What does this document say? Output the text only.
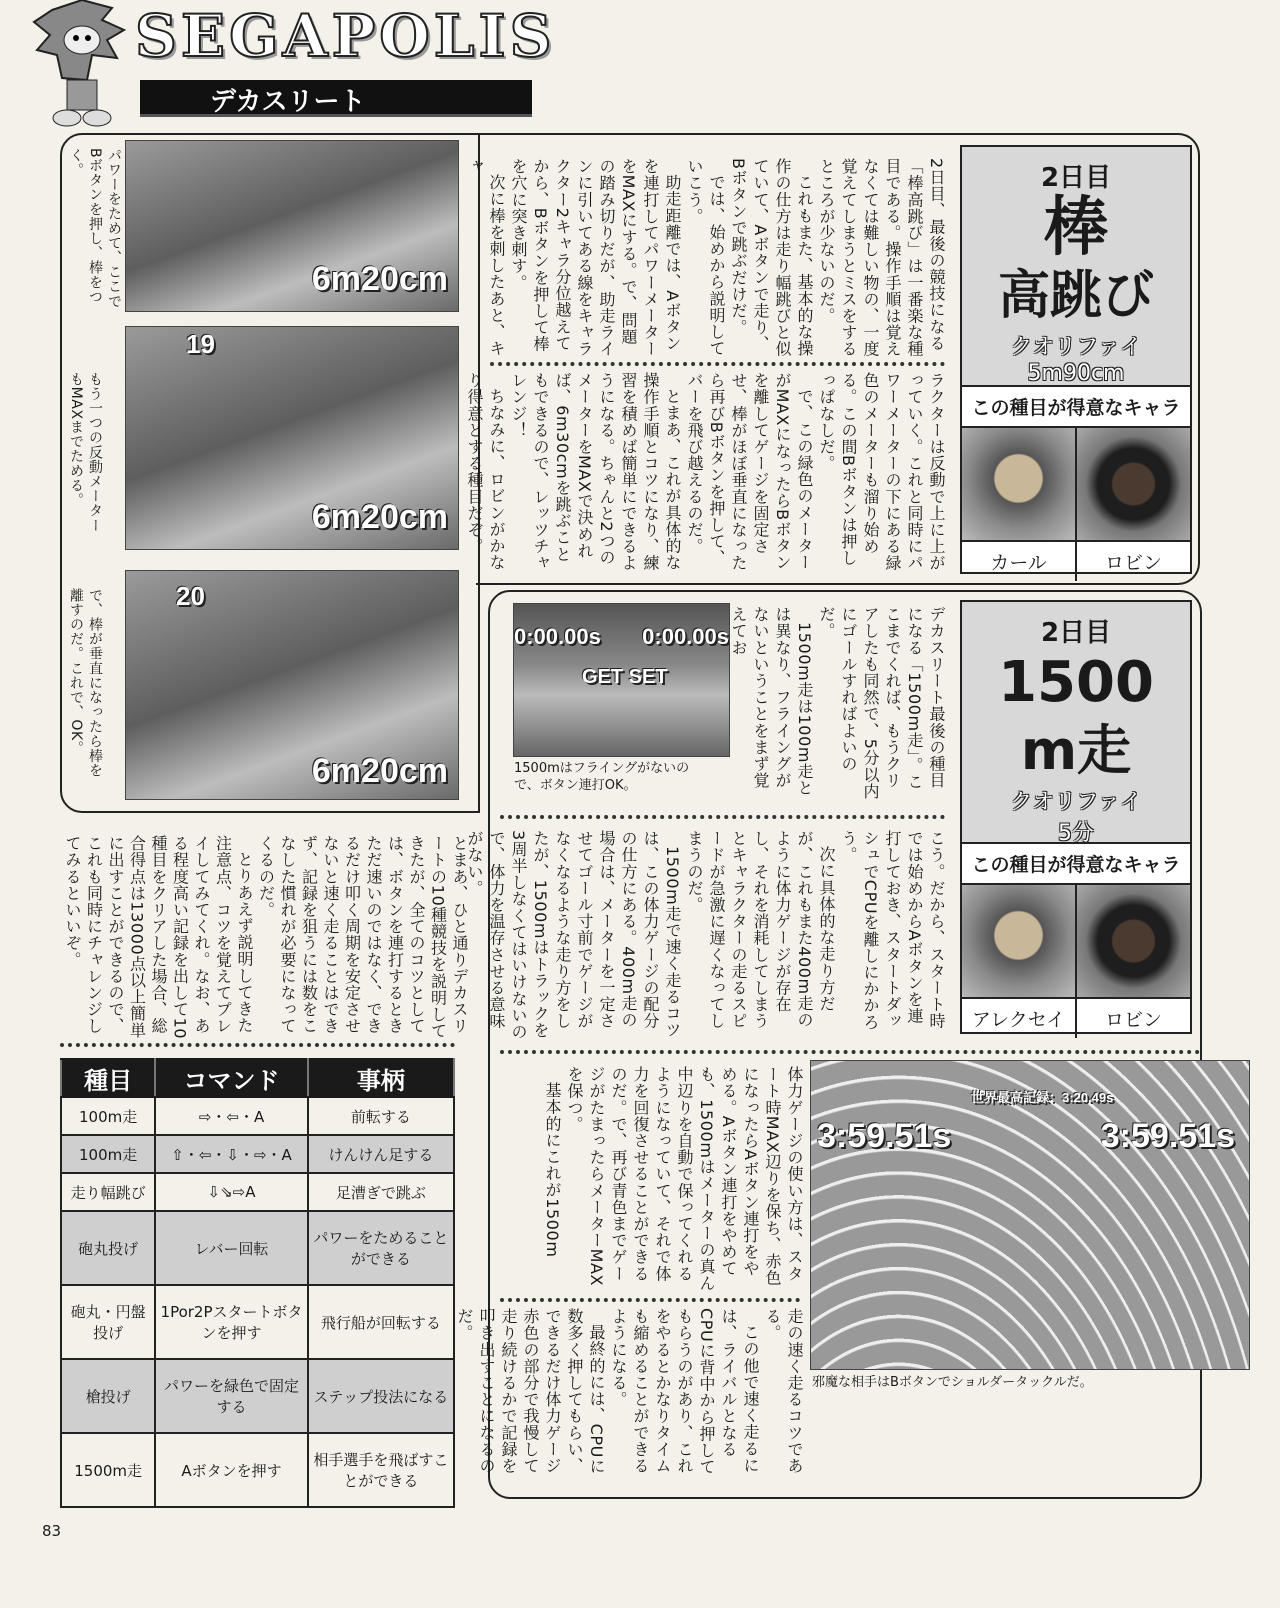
SEGAPOLIS
デカスリート

パワーをためて、ここでBボタンを押し、棒をつく。

もう一つの反動メーターもMAXまでためる。

で、棒が垂直になったら棒を離すのだ。これで、OK。

6m20cm
19
6m20cm
20
6m20cm

2日目、最後の競技になる「棒高跳び」は一番楽な種目である。操作手順は覚えなくては難しい物の、一度覚えてしまうとミスをするところが少ないのだ。

これもまた、基本的な操作の仕方は走り幅跳びと似ていて、Aボタンで走り、Bボタンで跳ぶだけだ。

では、始めから説明していこう。

助走距離では、Aボタンを連打してパワーメーターをMAXにする。で、問題の踏み切りだが、助走ラインに引いてある線をキャラクター2キャラ分位越えてから、Bボタンを押して棒を穴に突き刺す。

次に棒を刺したあと、キャ

ラクターは反動で上に上がっていく。これと同時にパワーメーターの下にある緑色のメーターも溜り始める。この間Bボタンは押しっぱなしだ。

で、この緑色のメーターがMAXになったらBボタンを離してゲージを固定させ、棒がほぼ垂直になったら再びBボタンを押して、バーを飛び越えるのだ。

とまあ、これが具体的な操作手順とコツになり、練習を積めば簡単にできるようになる。ちゃんと2つのメーターをMAXで決めれば、6m30cmを跳ぶこともできるので、レッツチャレンジ！

ちなみに、ロビンがかなり得意とする種目だぞ。

2日目
棒
高跳び
クオリファイ
5m90cm
この種目が得意なキャラ
カール	ロビン
0:00.00s 0:00.00s
GET SET
1500mはフライングがないので、ボタン連打OK。	デカスリート最後の種目になる「1500m走」。ここまでくれば、もうクリアしたも同然で、5分以内にゴールすればよいのだ。

1500m走は100m走とは異なり、フライングがないということをまず覚えてお	2日目
1500
m走
クオリファイ
5分
この種目が得意なキャラ
アレクセイ	ロビン

こう。だから、スタート時では始めからAボタンを連打しておき、スタートダッシュでCPUを離しにかかろう。

次に具体的な走り方だが、これもまた400m走のように体力ゲージが存在し、それを消耗してしまうとキャラクターの走るスピードが急激に遅くなってしまうのだ。

1500m走で速く走るコツは、この体力ゲージの配分の仕方にある。400m走の場合は、メーターを一定させてゴール寸前でゲージがなくなるような走り方をしたが、1500mはトラックを3周半しなくてはいけないので、体力を温存させる意味がない。

体力ゲージの使い方は、スタート時MAX辺りを保ち、赤色になったらAボタン連打をやめる。Aボタン連打をやめても、1500mはメーターの真ん中辺りを自動で保ってくれるようになっていて、それで体力を回復させることができるのだ。で、再び青色までゲージがたまったらメーターMAXを保つ。

基本的にこれが1500m

走の速く走るコツである。

この他で速く走るには、ライバルとなるCPUに背中から押してもらうのがあり、これをやるとかなりタイムも縮めることができるようになる。

最終的には、CPUに数多く押してもらい、できるだけ体力ゲージ赤色の部分で我慢して走り続けるかで記録を叩き出すことになるのだ。

世界最高記録：3:20.49s
3:59.51s	3:59.51s
邪魔な相手はBボタンでショルダータックルだ。

とまあ、ひと通りデカスリートの10種競技を説明してきたが、全てのコツとしては、ボタンを連打するときただ速いのではなく、できるだけ叩く周期を安定させないと速く走ることはできず、記録を狙うには数をこなした慣れが必要になってくるのだ。

とりあえず説明してきた注意点、コツを覚えてプレイしてみてくれ。なお、ある程度高い記録を出して10種目をクリアした場合、総合得点は13000点以上簡単に出すことができるので、これも同時にチャレンジしてみるといいぞ。

種目	コマンド	事柄
100m走	⇨・⇦・A	前転する
100m走	⇧・⇦・⇩・⇨・A	けんけん足する
走り幅跳び	⇩⇘⇨A	足漕ぎで跳ぶ
砲丸投げ	レバー回転	パワーをためることができる
砲丸・円盤投げ	1Por2Pスタートボタンを押す	飛行船が回転する
槍投げ	パワーを緑色で固定する	ステップ投法になる
1500m走	Aボタンを押す	相手選手を飛ばすことができる
83
